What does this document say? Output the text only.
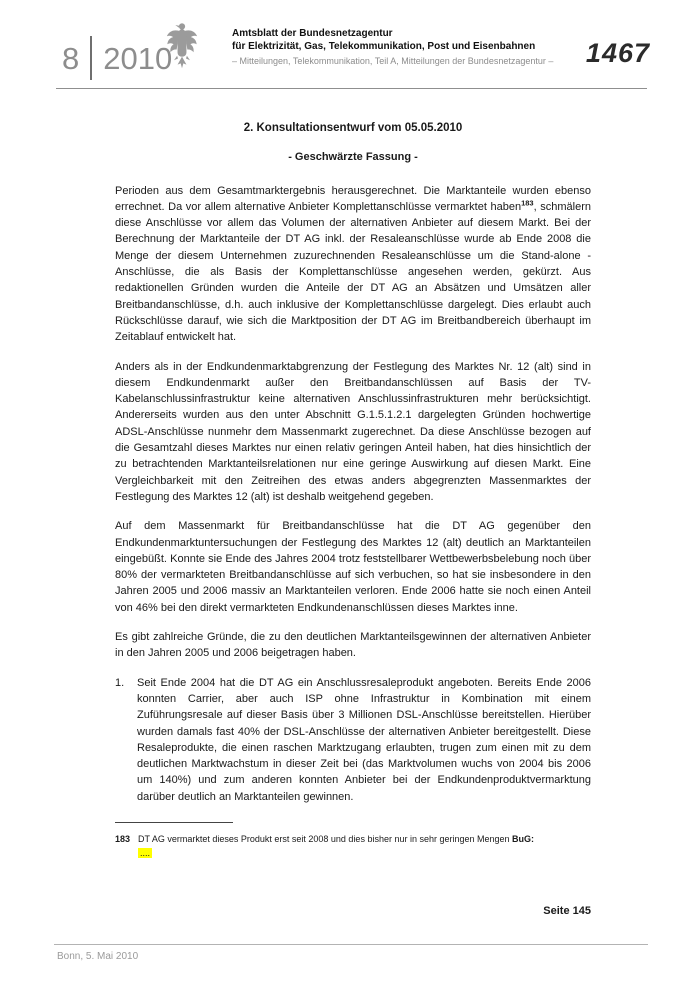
8 2010
Amtsblatt der Bundesnetzagentur
für Elektrizität, Gas, Telekommunikation, Post und Eisenbahnen
– Mitteilungen, Telekommunikation, Teil A, Mitteilungen der Bundesnetzagentur – 1467
2. Konsultationsentwurf vom 05.05.2010
- Geschwärzte Fassung -

Perioden aus dem Gesamtmarktergebnis herausgerechnet. Die Marktanteile wurden ebenso errechnet. Da vor allem alternative Anbieter Komplettanschlüsse vermarktet haben$^{183}$, schmälern diese Anschlüsse vor allem das Volumen der alternativen Anbieter auf diesem Markt. Bei der Berechnung der Marktanteile der DT AG inkl. der Resaleanschlüsse wurde ab Ende 2008 die Menge der diesem Unternehmen zuzurechnenden Resaleanschlüsse um die Stand-alone -Anschlüsse, die als Basis der Komplettanschlüsse angesehen werden, gekürzt. Aus redaktionellen Gründen wurden die Anteile der DT AG an Absätzen und Umsätzen aller Breitbandanschlüsse, d.h. auch inklusive der Komplettanschlüsse dargelegt. Dies erlaubt auch Rückschlüsse darauf, wie sich die Marktposition der DT AG im Breitbandbereich überhaupt im Zeitablauf entwickelt hat.

Anders als in der Endkundenmarktabgrenzung der Festlegung des Marktes Nr. 12 (alt) sind in diesem Endkundenmarkt außer den Breitbandanschlüssen auf Basis der TV-Kabelanschlussinfrastruktur keine alternativen Anschlussinfrastrukturen mehr berücksichtigt. Andererseits wurden aus den unter Abschnitt G.1.5.1.2.1 dargelegten Gründen hochwertige ADSL-Anschlüsse nunmehr dem Massenmarkt zugerechnet. Da diese Anschlüsse bezogen auf die Gesamtzahl dieses Marktes nur einen relativ geringen Anteil haben, hat dies hinsichtlich der zu betrachtenden Marktanteilsrelationen nur eine geringe Auswirkung auf diesen Markt. Eine Vergleichbarkeit mit den Zeitreihen des etwas anders abgegrenzten Massenmarktes der Festlegung des Marktes 12 (alt) ist deshalb weitgehend gegeben.

Auf dem Massenmarkt für Breitbandanschlüsse hat die DT AG gegenüber den Endkundenmarktuntersuchungen der Festlegung des Marktes 12 (alt) deutlich an Marktanteilen eingebüßt. Konnte sie Ende des Jahres 2004 trotz feststellbarer Wettbewerbsbelebung noch über 80% der vermarkteten Breitbandanschlüsse auf sich verbuchen, so hat sie insbesondere in den Jahren 2005 und 2006 massiv an Marktanteilen verloren. Ende 2006 hatte sie noch einen Anteil von 46% bei den direkt vermarkteten Endkundenanschlüssen dieses Marktes inne.

Es gibt zahlreiche Gründe, die zu den deutlichen Marktanteilsgewinnen der alternativen Anbieter in den Jahren 2005 und 2006 beigetragen haben.

1.	Seit Ende 2004 hat die DT AG ein Anschlussresaleprodukt angeboten. Bereits Ende 2006 konnten Carrier, aber auch ISP ohne Infrastruktur in Kombination mit einem Zuführungsresale auf dieser Basis über 3 Millionen DSL-Anschlüsse bereitstellen. Hierüber wurden damals fast 40% der DSL-Anschlüsse der alternativen Anbieter bereitgestellt. Diese Resaleprodukte, die einen raschen Marktzugang erlaubten, trugen zum einen mit zu dem deutlichen Marktwachstum in dieser Zeit bei (das Marktvolumen wuchs von 2004 bis 2006 um 140%) und zum anderen konnten Anbieter bei der Endkundenproduktvermarktung darüber deutlich an Marktanteilen gewinnen.
183 DT AG vermarktet dieses Produkt erst seit 2008 und dies bisher nur in sehr geringen Mengen BuG:
....
Seite 145
Bonn, 5. Mai 2010
